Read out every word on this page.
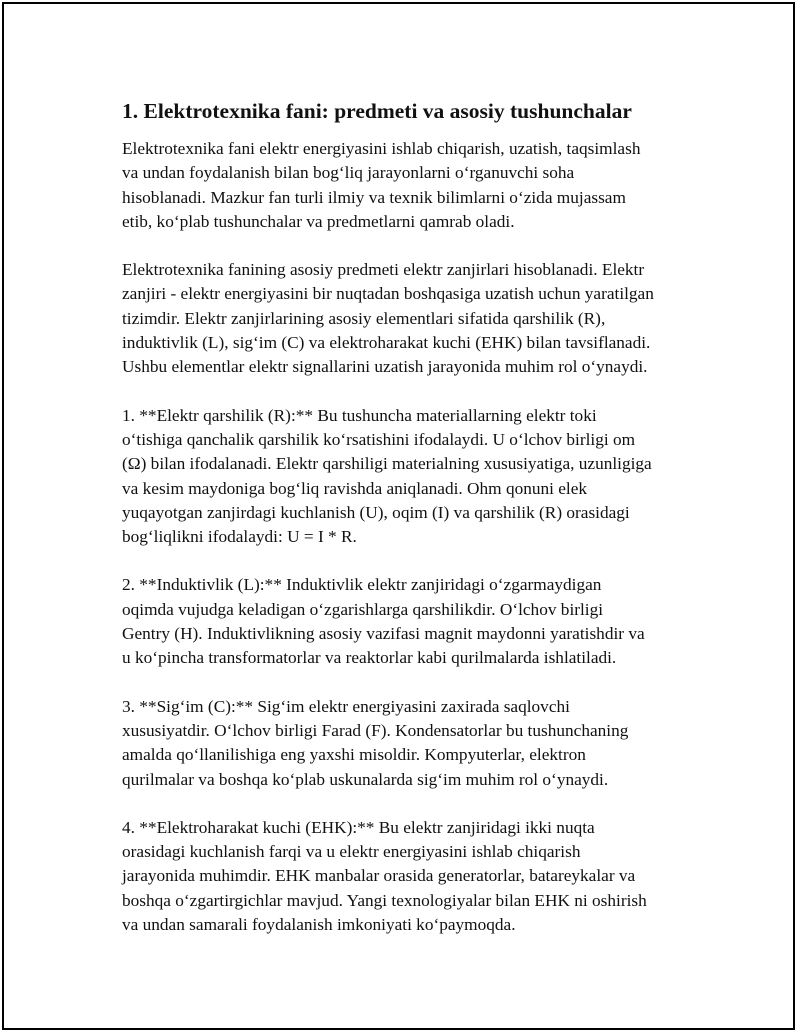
1. Elektrotexnika fani: predmeti va asosiy tushunchalar

Elektrotexnika fani elektr energiyasini ishlab chiqarish, uzatish, taqsimlash
va undan foydalanish bilan bog‘liq jarayonlarni o‘rganuvchi soha
hisoblanadi. Mazkur fan turli ilmiy va texnik bilimlarni o‘zida mujassam
etib, ko‘plab tushunchalar va predmetlarni qamrab oladi.

Elektrotexnika fanining asosiy predmeti elektr zanjirlari hisoblanadi. Elektr
zanjiri - elektr energiyasini bir nuqtadan boshqasiga uzatish uchun yaratilgan
tizimdir. Elektr zanjirlarining asosiy elementlari sifatida qarshilik (R),
induktivlik (L), sig‘im (C) va elektroharakat kuchi (EHK) bilan tavsiflanadi.
Ushbu elementlar elektr signallarini uzatish jarayonida muhim rol o‘ynaydi.

1. **Elektr qarshilik (R):** Bu tushuncha materiallarning elektr toki
o‘tishiga qanchalik qarshilik ko‘rsatishini ifodalaydi. U o‘lchov birligi om
(Ω) bilan ifodalanadi. Elektr qarshiligi materialning xususiyatiga, uzunligiga
va kesim maydoniga bog‘liq ravishda aniqlanadi. Ohm qonuni elek
yuqayotgan zanjirdagi kuchlanish (U), oqim (I) va qarshilik (R) orasidagi
bog‘liqlikni ifodalaydi: U = I * R.

2. **Induktivlik (L):** Induktivlik elektr zanjiridagi o‘zgarmaydigan
oqimda vujudga keladigan o‘zgarishlarga qarshilikdir. O‘lchov birligi
Gentry (H). Induktivlikning asosiy vazifasi magnit maydonni yaratishdir va
u ko‘pincha transformatorlar va reaktorlar kabi qurilmalarda ishlatiladi.

3. **Sig‘im (C):** Sig‘im elektr energiyasini zaxirada saqlovchi
xususiyatdir. O‘lchov birligi Farad (F). Kondensatorlar bu tushunchaning
amalda qo‘llanilishiga eng yaxshi misoldir. Kompyuterlar, elektron
qurilmalar va boshqa ko‘plab uskunalarda sig‘im muhim rol o‘ynaydi.

4. **Elektroharakat kuchi (EHK):** Bu elektr zanjiridagi ikki nuqta
orasidagi kuchlanish farqi va u elektr energiyasini ishlab chiqarish
jarayonida muhimdir. EHK manbalar orasida generatorlar, batareykalar va
boshqa o‘zgartirgichlar mavjud. Yangi texnologiyalar bilan EHK ni oshirish
va undan samarali foydalanish imkoniyati ko‘paymoqda.
